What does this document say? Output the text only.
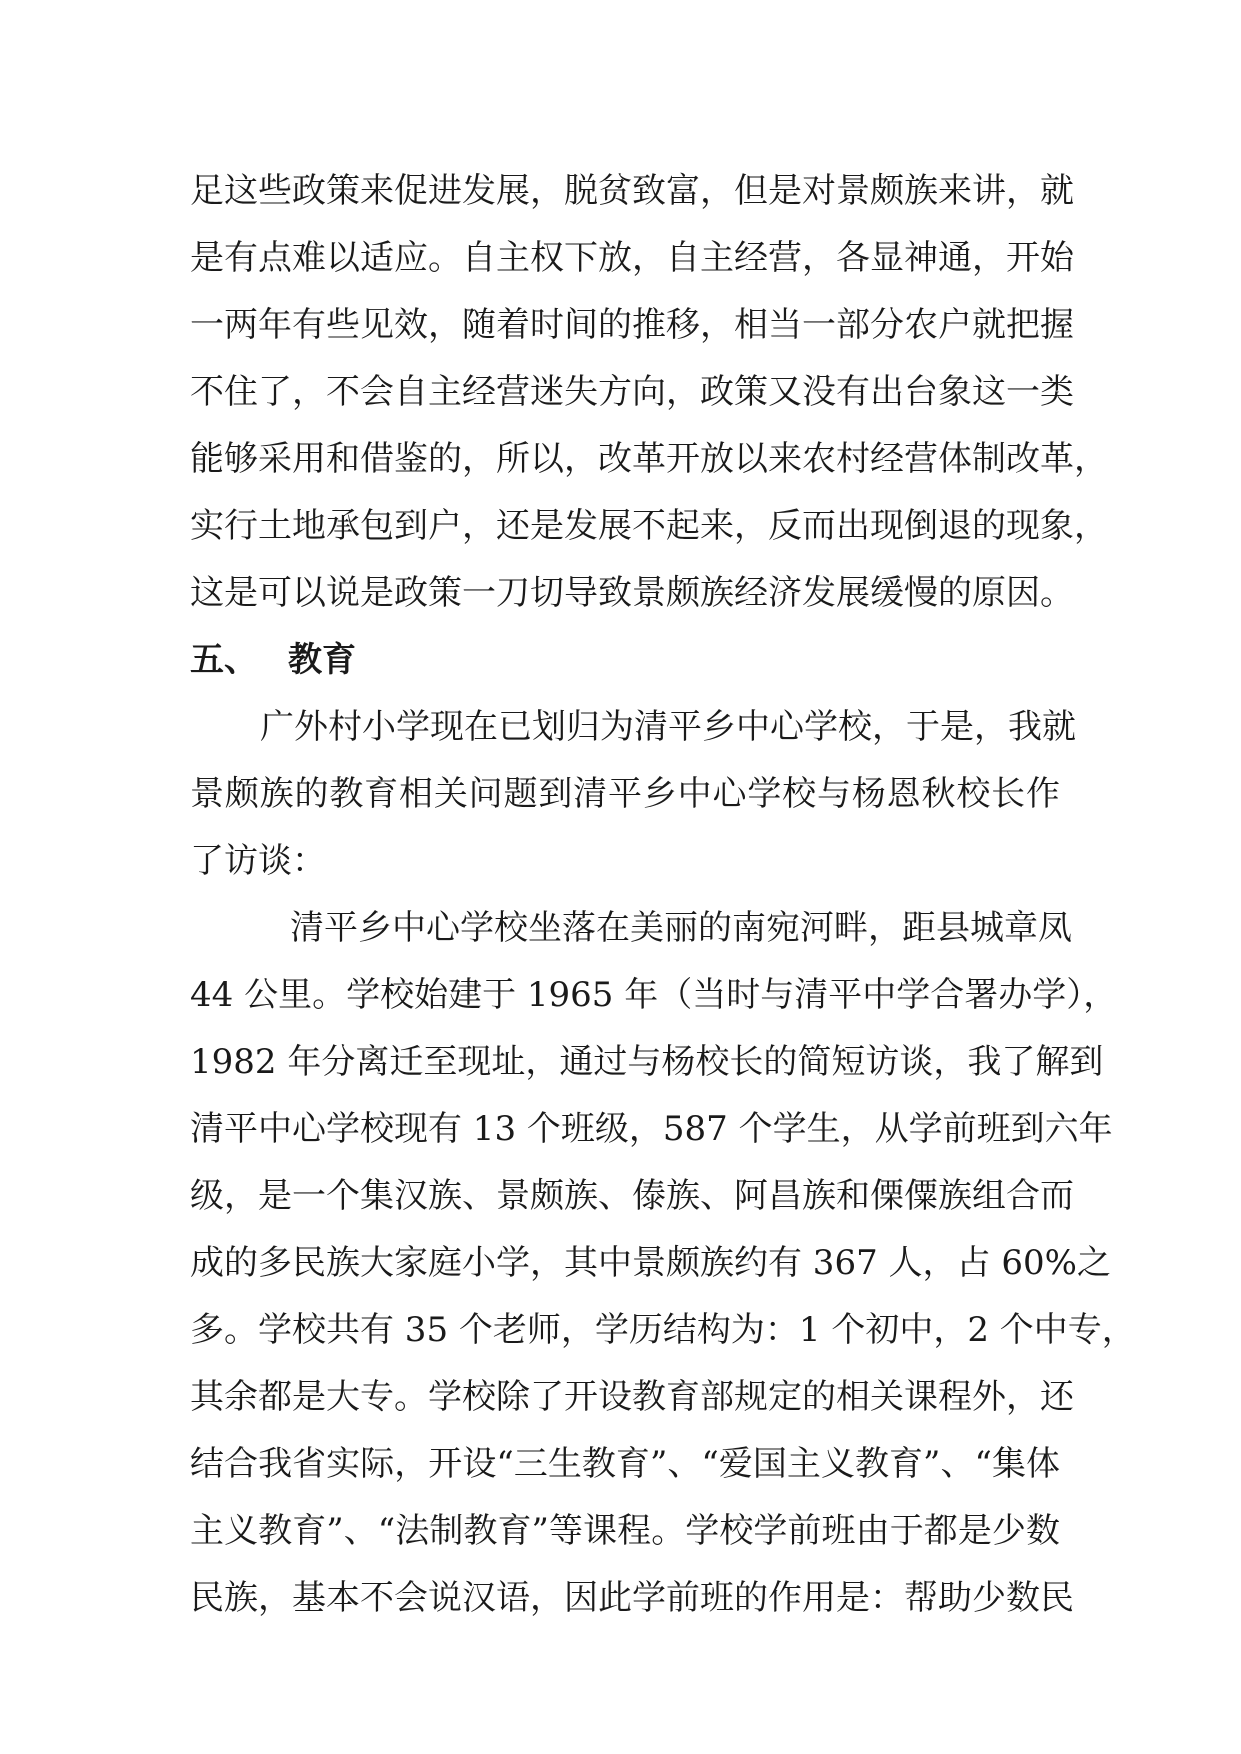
足这些政策来促进发展，脱贫致富，但是对景颇族来讲，就
是有点难以适应。自主权下放，自主经营，各显神通，开始
一两年有些见效，随着时间的推移，相当一部分农户就把握
不住了，不会自主经营迷失方向，政策又没有出台象这一类
能够采用和借鉴的，所以，改革开放以来农村经营体制改革，
实行土地承包到户，还是发展不起来，反而出现倒退的现象，
这是可以说是政策一刀切导致景颇族经济发展缓慢的原因。
五、 教育
广外村小学现在已划归为清平乡中心学校，于是，我就
景颇族的教育相关问题到清平乡中心学校与杨恩秋校长作
了访谈：
清平乡中心学校坐落在美丽的南宛河畔，距县城章凤
44 公里。学校始建于 1965 年（当时与清平中学合署办学），
1982 年分离迁至现址，通过与杨校长的简短访谈，我了解到
清平中心学校现有 13 个班级，587 个学生，从学前班到六年
级，是一个集汉族、景颇族、傣族、阿昌族和傈僳族组合而
成的多民族大家庭小学，其中景颇族约有 367 人，占 60%之
多。学校共有 35 个老师，学历结构为：1 个初中，2 个中专，
其余都是大专。学校除了开设教育部规定的相关课程外，还
结合我省实际，开设“三生教育”、“爱国主义教育”、“集体
主义教育”、“法制教育”等课程。学校学前班由于都是少数
民族，基本不会说汉语，因此学前班的作用是：帮助少数民
